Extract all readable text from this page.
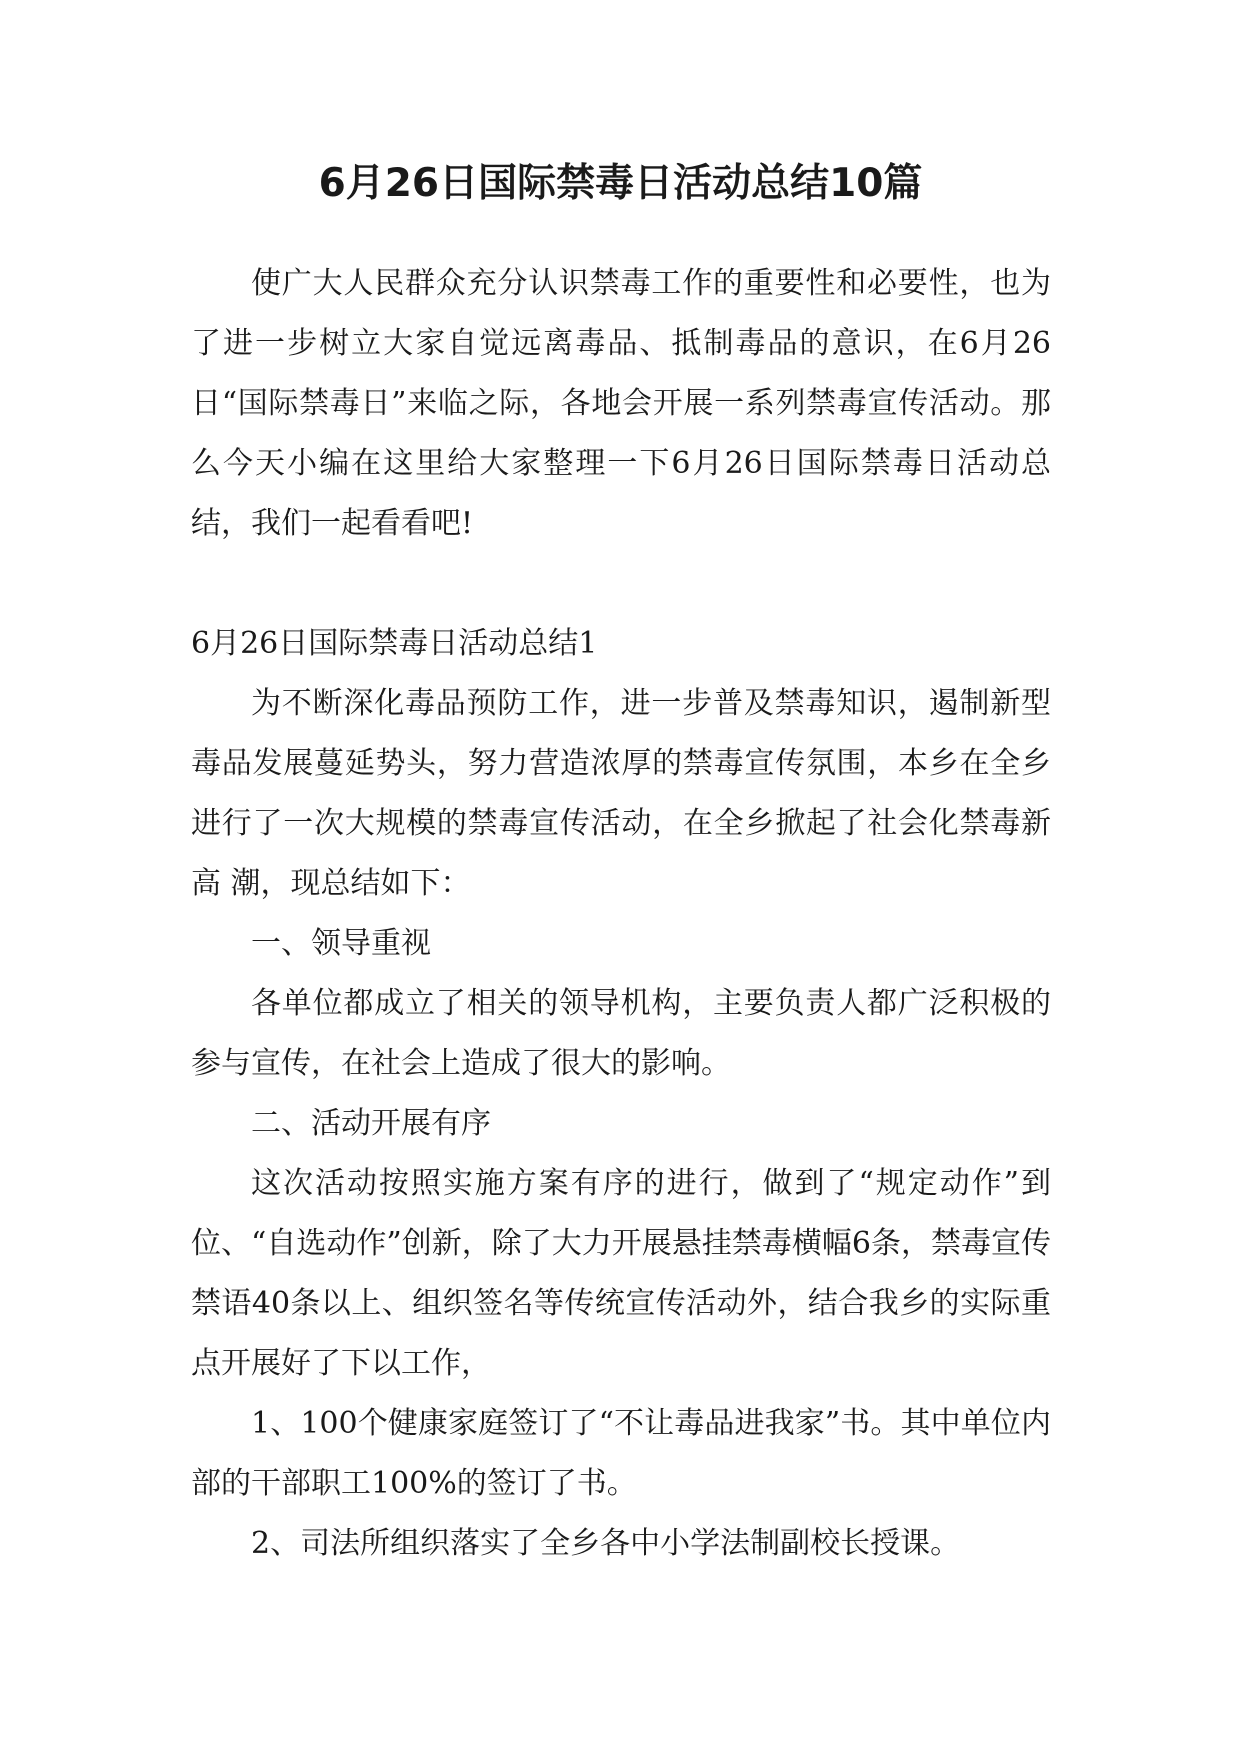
6月26日国际禁毒日活动总结10篇

使广大人民群众充分认识禁毒工作的重要性和必要性，也为了进一步树立大家自觉远离毒品、抵制毒品的意识，在6月26日“国际禁毒日”来临之际，各地会开展一系列禁毒宣传活动。那么今天小编在这里给大家整理一下6月26日国际禁毒日活动总结，我们一起看看吧!

6月26日国际禁毒日活动总结1

为不断深化毒品预防工作，进一步普及禁毒知识，遏制新型毒品发展蔓延势头，努力营造浓厚的禁毒宣传氛围，本乡在全乡进行了一次大规模的禁毒宣传活动，在全乡掀起了社会化禁毒新高 潮，现总结如下：

一、领导重视

各单位都成立了相关的领导机构，主要负责人都广泛积极的参与宣传，在社会上造成了很大的影响。

二、活动开展有序

这次活动按照实施方案有序的进行，做到了“规定动作”到位、“自选动作”创新，除了大力开展悬挂禁毒横幅6条，禁毒宣传禁语40条以上、组织签名等传统宣传活动外，结合我乡的实际重点开展好了下以工作，

1、100个健康家庭签订了“不让毒品进我家”书。其中单位内部的干部职工100%的签订了书。

2、司法所组织落实了全乡各中小学法制副校长授课。
